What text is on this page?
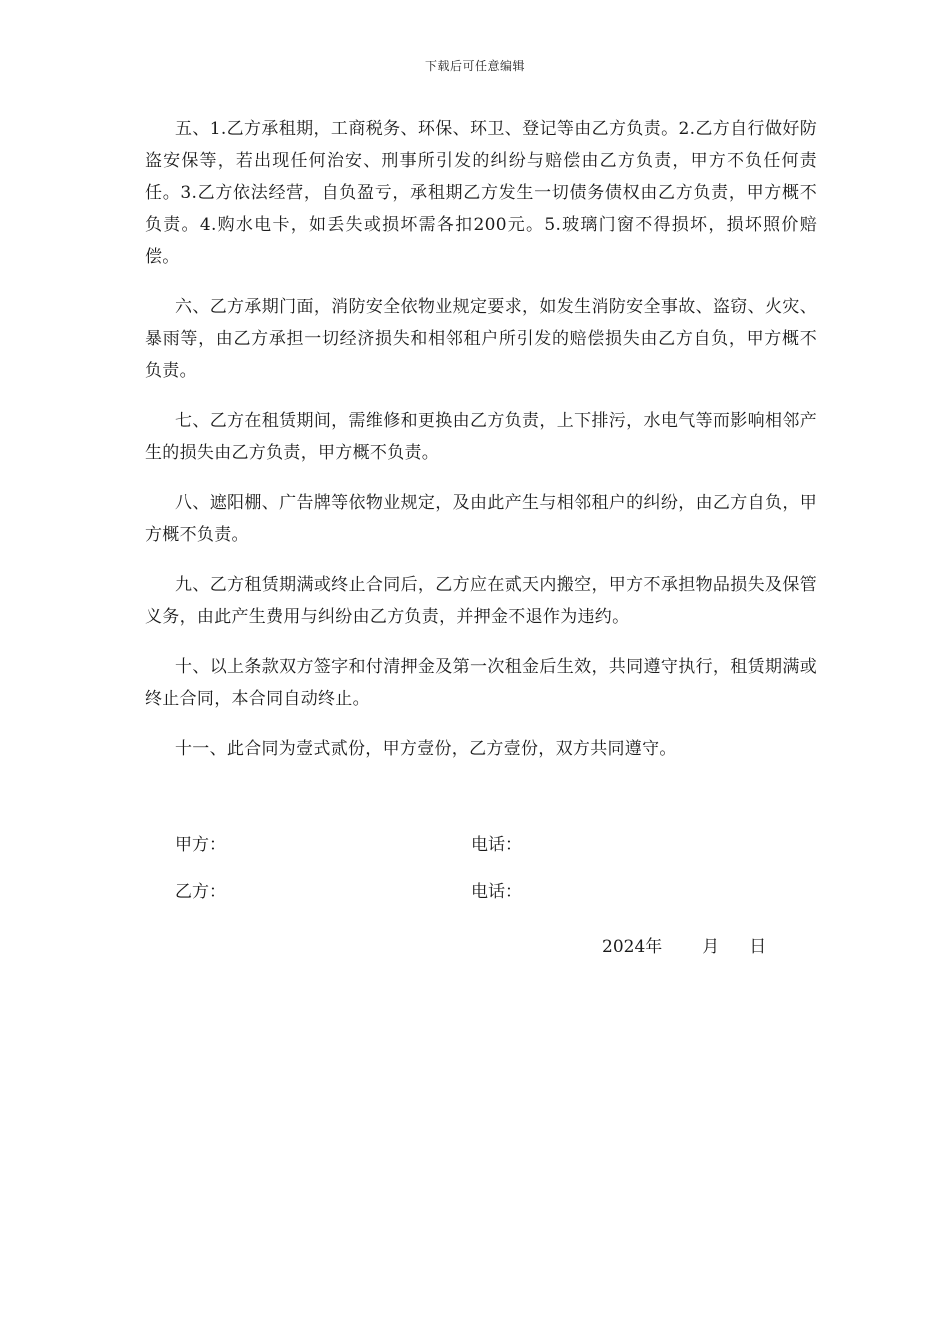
下载后可任意编辑

五、1.乙方承租期，工商税务、环保、环卫、登记等由乙方负责。2.乙方自行做好防盗安保等，若出现任何治安、刑事所引发的纠纷与赔偿由乙方负责，甲方不负任何责任。3.乙方依法经营，自负盈亏，承租期乙方发生一切债务债权由乙方负责，甲方概不负责。4.购水电卡，如丢失或损坏需各扣200元。5.玻璃门窗不得损坏，损坏照价赔偿。

六、乙方承期门面，消防安全依物业规定要求，如发生消防安全事故、盗窃、火灾、暴雨等，由乙方承担一切经济损失和相邻租户所引发的赔偿损失由乙方自负，甲方概不负责。

七、乙方在租赁期间，需维修和更换由乙方负责，上下排污，水电气等而影响相邻产生的损失由乙方负责，甲方概不负责。

八、遮阳棚、广告牌等依物业规定，及由此产生与相邻租户的纠纷，由乙方自负，甲方概不负责。

九、乙方租赁期满或终止合同后，乙方应在贰天内搬空，甲方不承担物品损失及保管义务，由此产生费用与纠纷由乙方负责，并押金不退作为违约。

十、以上条款双方签字和付清押金及第一次租金后生效，共同遵守执行，租赁期满或终止合同，本合同自动终止。

十一、此合同为壹式贰份，甲方壹份，乙方壹份，双方共同遵守。

甲方：	电话：
乙方：	电话：
2024年 月 日
